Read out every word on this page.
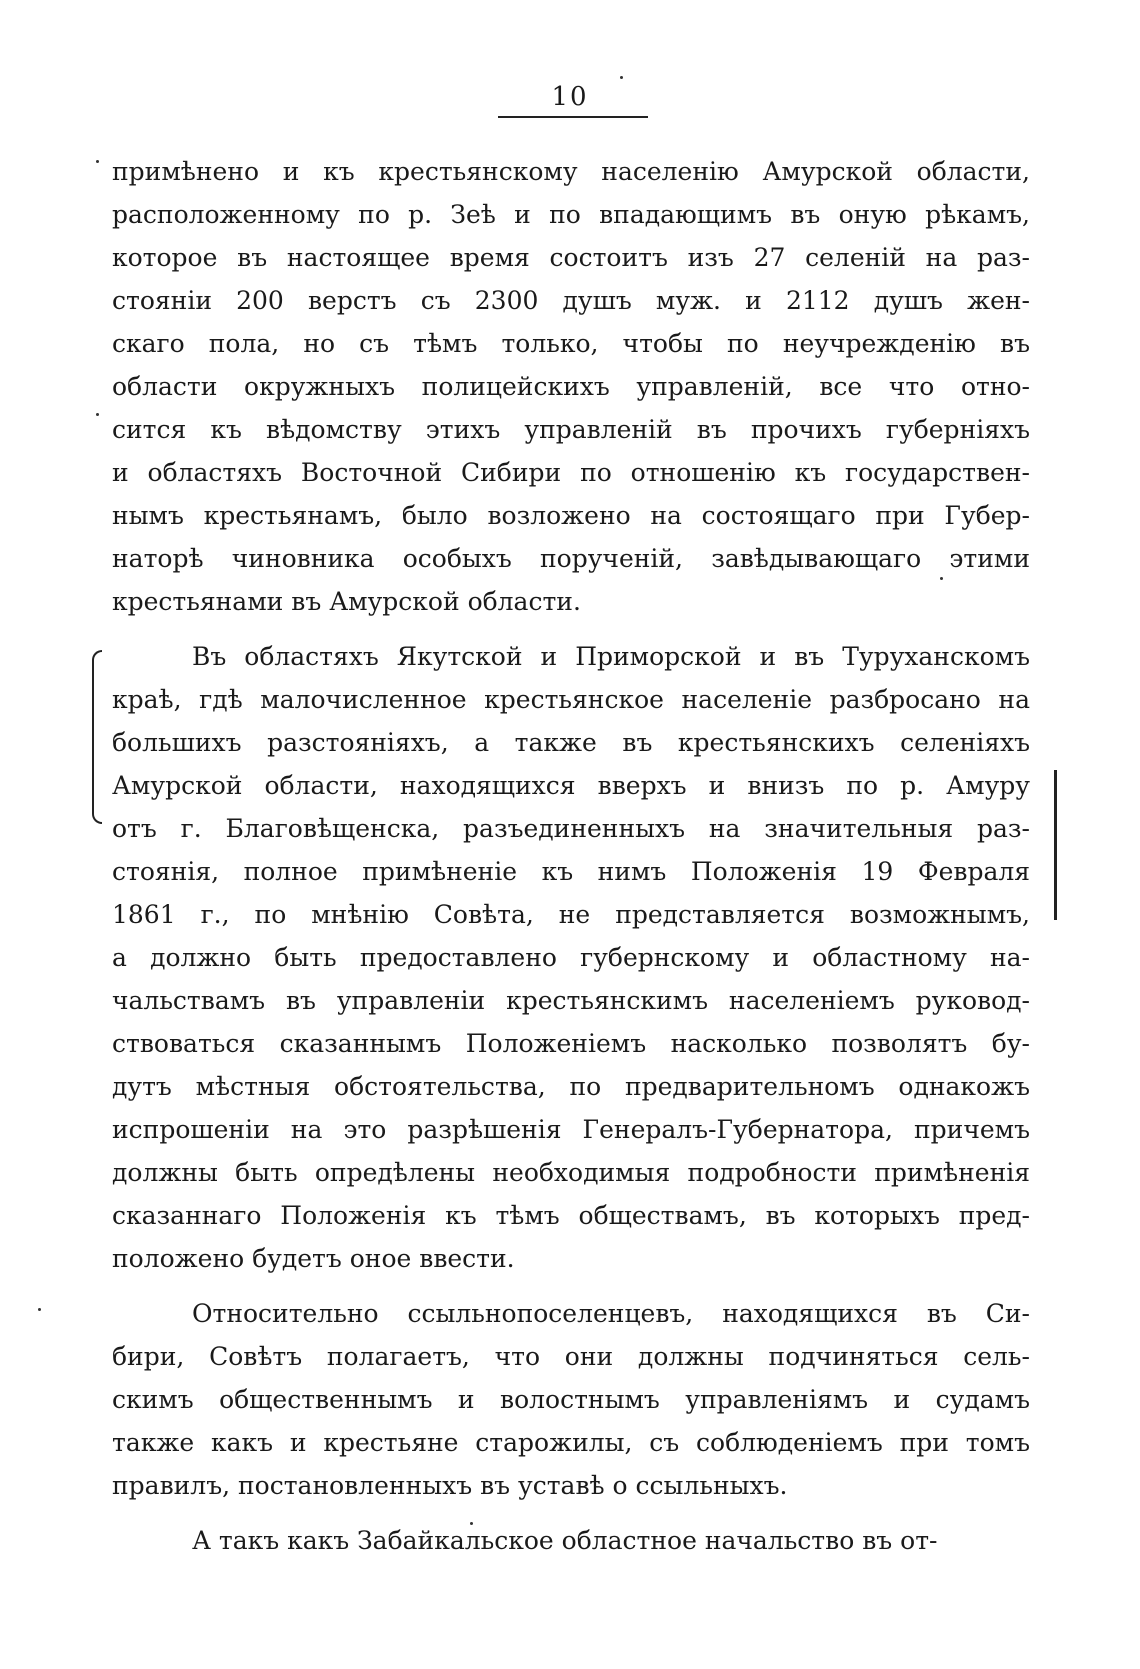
10
примѣнено и къ крестьянскому населенію Амурской области,
расположенному по р. Зеѣ и по впадающимъ въ оную рѣкамъ,
которое въ настоящее время состоитъ изъ 27 селеній на раз-
стояніи 200 верстъ съ 2300 душъ муж. и 2112 душъ жен-
скаго пола, но съ тѣмъ только, чтобы по неучрежденію въ
области окружныхъ полицейскихъ управленій, все что отно-
сится къ вѣдомству этихъ управленій въ прочихъ губерніяхъ
и областяхъ Восточной Сибири по отношенію къ государствен-
нымъ крестьянамъ, было возложено на состоящаго при Губер-
наторѣ чиновника особыхъ порученій, завѣдывающаго этими
крестьянами въ Амурской области.
Въ областяхъ Якутской и Приморской и въ Туруханскомъ
краѣ, гдѣ малочисленное крестьянское населеніе разбросано на
большихъ разстояніяхъ, а также въ крестьянскихъ селеніяхъ
Амурской области, находящихся вверхъ и внизъ по р. Амуру
отъ г. Благовѣщенска, разъединенныхъ на значительныя раз-
стоянія, полное примѣненіе къ нимъ Положенія 19 Февраля
1861 г., по мнѣнію Совѣта, не представляется возможнымъ,
а должно быть предоставлено губернскому и областному на-
чальствамъ въ управленіи крестьянскимъ населеніемъ руковод-
ствоваться сказаннымъ Положеніемъ насколько позволятъ бу-
дутъ мѣстныя обстоятельства, по предварительномъ однакожъ
испрошеніи на это разрѣшенія Генералъ-Губернатора, причемъ
должны быть опредѣлены необходимыя подробности примѣненія
сказаннаго Положенія къ тѣмъ обществамъ, въ которыхъ пред-
положено будетъ оное ввести.
Относительно ссыльнопоселенцевъ, находящихся въ Си-
бири, Совѣтъ полагаетъ, что они должны подчиняться сель-
скимъ общественнымъ и волостнымъ управленіямъ и судамъ
также какъ и крестьяне старожилы, съ соблюденіемъ при томъ
правилъ, постановленныхъ въ уставѣ о ссыльныхъ.
А такъ какъ Забайкальское областное начальство въ от-
